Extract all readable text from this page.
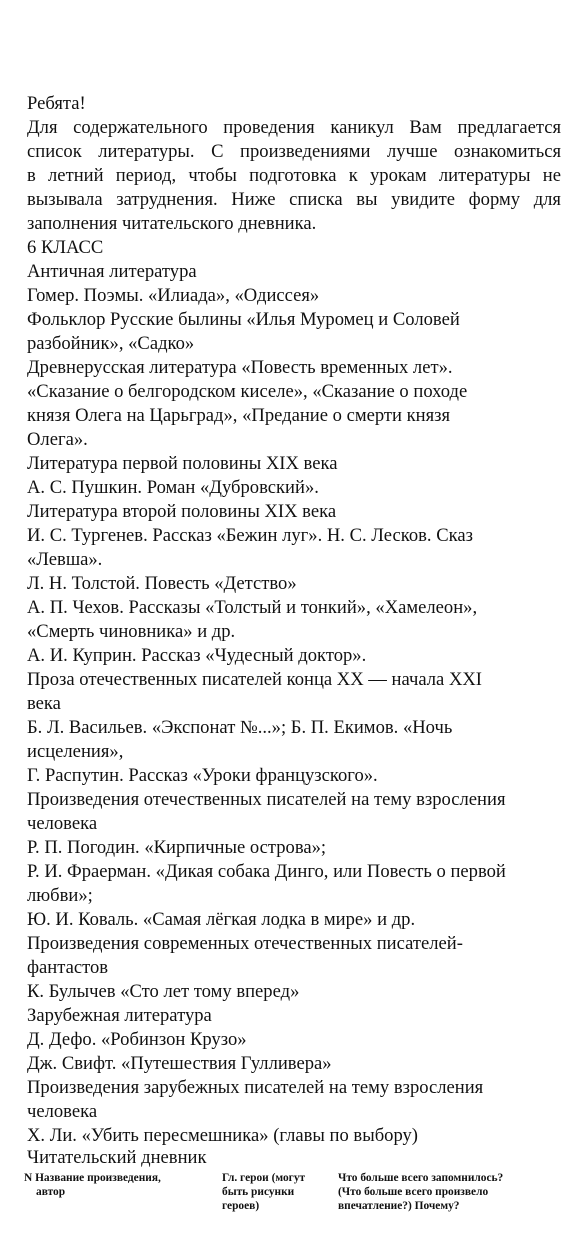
Ребята!

Для содержательного проведения каникул Вам предлагается

список литературы. С произведениями лучше ознакомиться

в летний период, чтобы подготовка к урокам литературы не

вызывала затруднения. Ниже списка вы увидите форму для

заполнения читательского дневника.

6 КЛАСС

Античная литература

Гомер. Поэмы. «Илиада», «Одиссея»

Фольклор Русские былины «Илья Муромец и Соловей

разбойник», «Садко»

Древнерусская литература «Повесть временных лет».

«Сказание о белгородском киселе», «Сказание о походе

князя Олега на Царьград», «Предание о смерти князя

Олега».

Литература первой половины XIX века

А. С. Пушкин. Роман «Дубровский».

Литература второй половины XIX века

И. С. Тургенев. Рассказ «Бежин луг». Н. С. Лесков. Сказ

«Левша».

Л. Н. Толстой. Повесть «Детство»

А. П. Чехов. Рассказы «Толстый и тонкий», «Хамелеон»,

«Смерть чиновника» и др.

А. И. Куприн. Рассказ «Чудесный доктор».

Проза отечественных писателей конца XX — начала XXI

века

Б. Л. Васильев. «Экспонат №...»; Б. П. Екимов. «Ночь

исцеления»,

Г. Распутин. Рассказ «Уроки французского».

Произведения отечественных писателей на тему взросления

человека

Р. П. Погодин. «Кирпичные острова»;

Р. И. Фраерман. «Дикая собака Динго, или Повесть о первой

любви»;

Ю. И. Коваль. «Самая лёгкая лодка в мире» и др.

Произведения современных отечественных писателей-

фантастов

К. Булычев «Сто лет тому вперед»

Зарубежная литература

Д. Дефо. «Робинзон Крузо»

Дж. Свифт. «Путешествия Гулливера»

Произведения зарубежных писателей на тему взросления

человека

Х. Ли. «Убить пересмешника» (главы по выбору)

Читательский дневник

N Название произведения,
автор
Гл. герои (могут
быть рисунки
героев)
Что больше всего запомнилось?
(Что больше всего произвело
впечатление?) Почему?
